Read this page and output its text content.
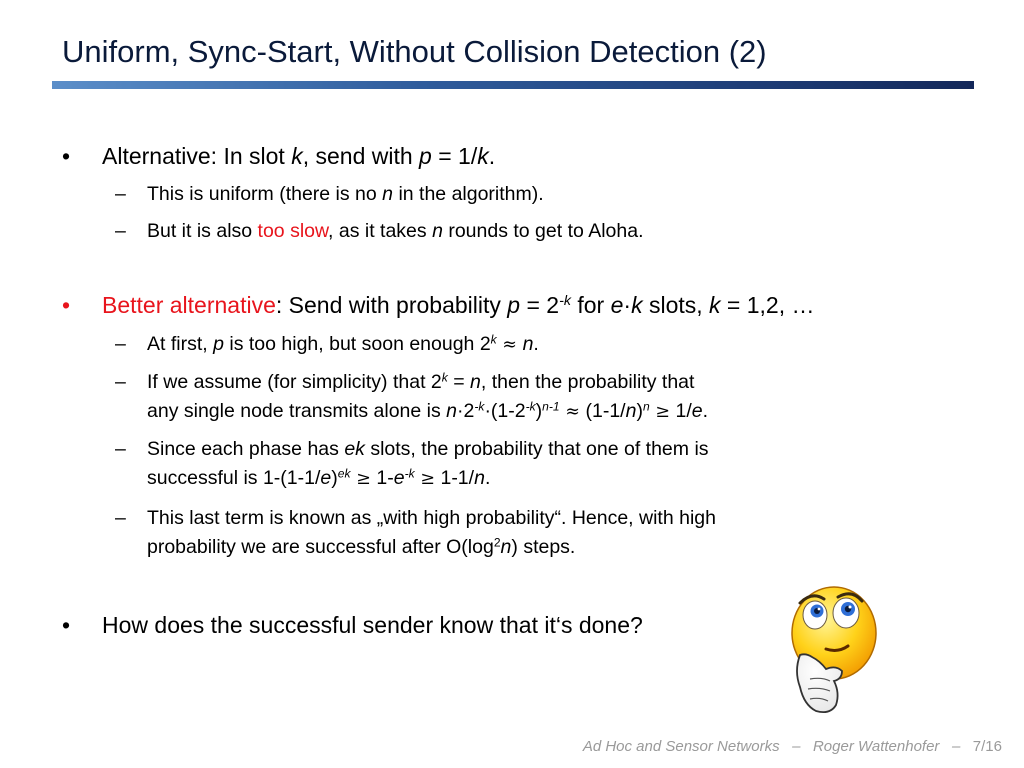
Uniform, Sync-Start, Without Collision Detection (2)
• Alternative: In slot k, send with p = 1/k.
– This is uniform (there is no n in the algorithm).
– But it is also too slow, as it takes n rounds to get to Aloha.
• Better alternative: Send with probability $p = 2^{-k}$ for e·k slots, k = 1,2, …
– At first, p is too high, but soon enough $2^k \approx n$.
– If we assume (for simplicity) that $2^k = n$, then the probability that
any single node transmits alone is $n\cdot 2^{-k}\cdot(1-2^{-k})^{n-1} \approx (1-1/n)^n \ge 1/e$.
– Since each phase has ek slots, the probability that one of them is
successful is $1-(1-1/e)^{ek} \ge 1-e^{-k} \ge 1-1/n$.
– This last term is known as „with high probability“. Hence, with high
probability we are successful after $O(\log^2n)$ steps.
• How does the successful sender know that it‘s done?
Ad Hoc and Sensor Networks – Roger Wattenhofer – 7/16
